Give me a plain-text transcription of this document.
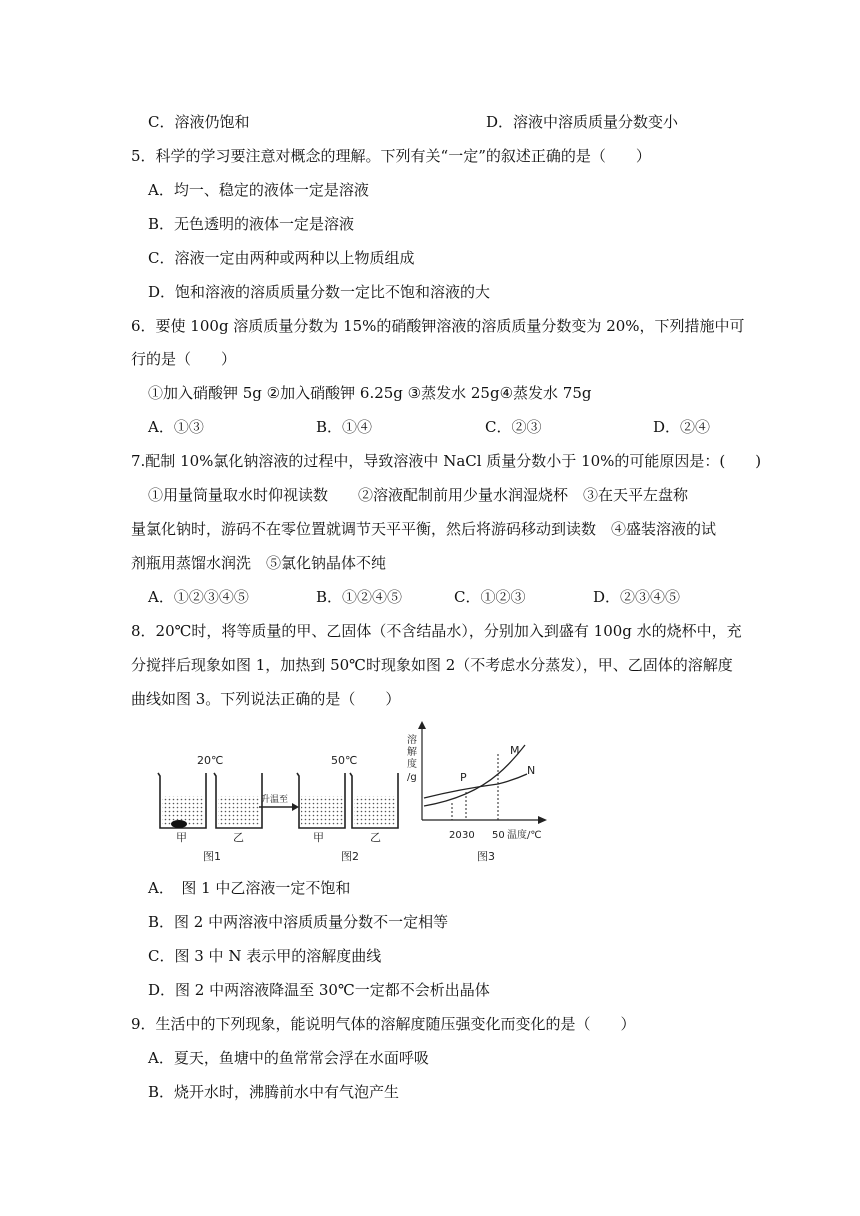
C．溶液仍饱和	D．溶液中溶质质量分数变小
5．科学的学习要注意对概念的理解。下列有关“一定”的叙述正确的是（　　）
A．均一、稳定的液体一定是溶液
B．无色透明的液体一定是溶液
C．溶液一定由两种或两种以上物质组成
D．饱和溶液的溶质质量分数一定比不饱和溶液的大
6．要使 100g 溶质质量分数为 15%的硝酸钾溶液的溶质质量分数变为 20%，下列措施中可
行的是（　　）
①加入硝酸钾 5g ②加入硝酸钾 6.25g ③蒸发水 25g④蒸发水 75g
A．①③	B．①④	C．②③	D．②④
7.配制 10%氯化钠溶液的过程中，导致溶液中 NaCl 质量分数小于 10%的可能原因是：(　　)
①用量筒量取水时仰视读数　　②溶液配制前用少量水润湿烧杯　③在天平左盘称
量氯化钠时，游码不在零位置就调节天平平衡，然后将游码移动到读数　④盛装溶液的试
剂瓶用蒸馏水润洗　⑤氯化钠晶体不纯
A．①②③④⑤	B．①②④⑤	C．①②③	D．②③④⑤
8．20℃时，将等质量的甲、乙固体（不含结晶水），分别加入到盛有 100g 水的烧杯中，充
分搅拌后现象如图 1，加热到 50℃时现象如图 2（不考虑水分蒸发），甲、乙固体的溶解度
曲线如图 3。下列说法正确的是（　　）
20℃
甲	乙
图1
升温至
50℃
甲	乙
图2
溶
解
度
/g	P
M
N
20 30 50 温度/℃
图3
A．　图 1 中乙溶液一定不饱和
B．图 2 中两溶液中溶质质量分数不一定相等
C．图 3 中 N 表示甲的溶解度曲线
D．图 2 中两溶液降温至 30℃一定都不会析出晶体
9．生活中的下列现象，能说明气体的溶解度随压强变化而变化的是（　　）
A．夏天，鱼塘中的鱼常常会浮在水面呼吸
B．烧开水时，沸腾前水中有气泡产生
